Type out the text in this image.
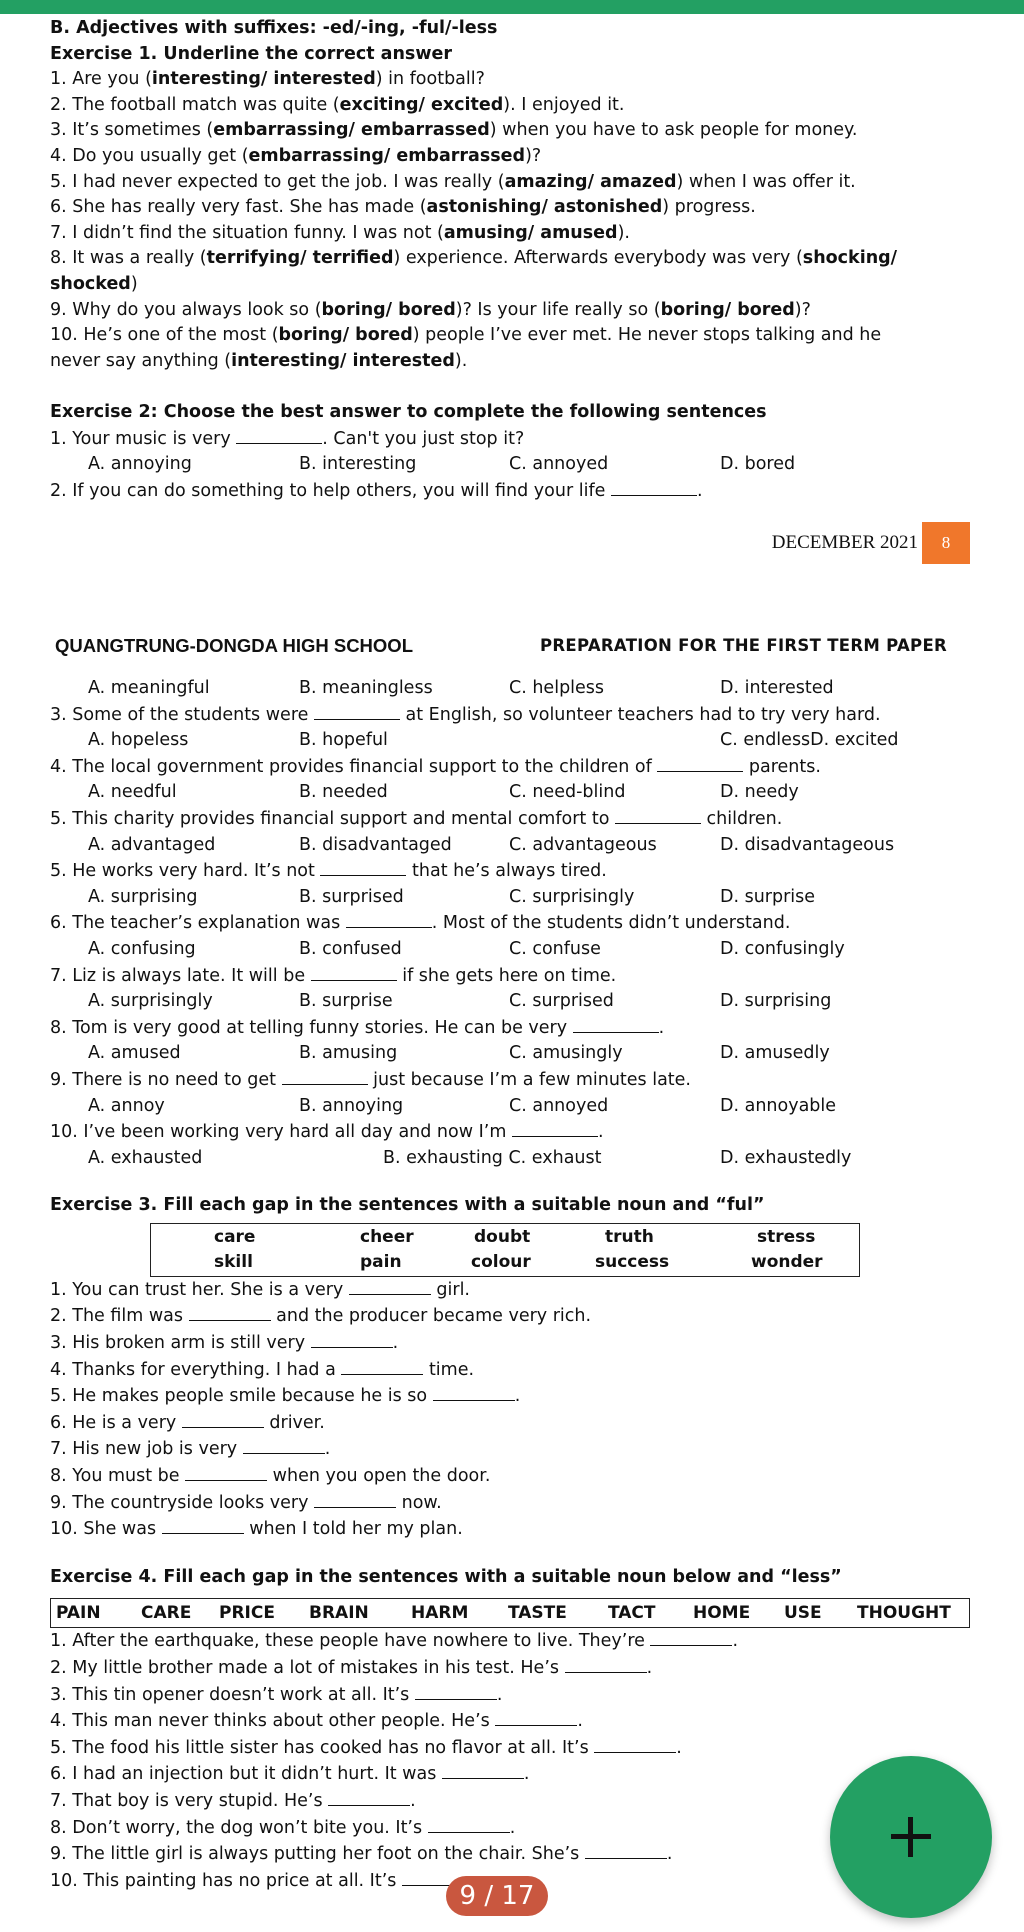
B. Adjectives with suffixes: -ed/-ing, -ful/-less
Exercise 1. Underline the correct answer
1. Are you (interesting/ interested) in football?
2. The football match was quite (exciting/ excited). I enjoyed it.
3. It’s sometimes (embarrassing/ embarrassed) when you have to ask people for money.
4. Do you usually get (embarrassing/ embarrassed)?
5. I had never expected to get the job. I was really (amazing/ amazed) when I was offer it.
6. She has really very fast. She has made (astonishing/ astonished) progress.
7. I didn’t find the situation funny. I was not (amusing/ amused).
8. It was a really (terrifying/ terrified) experience. Afterwards everybody was very (shocking/
shocked)
9. Why do you always look so (boring/ bored)? Is your life really so (boring/ bored)?
10. He’s one of the most (boring/ bored) people I’ve ever met. He never stops talking and he
never say anything (interesting/ interested).
Exercise 2: Choose the best answer to complete the following sentences
1. Your music is very	. Can't you just stop it?
A. annoying	B. interesting	C. annoyed	D. bored
2. If you can do something to help others, you will find your life	.
DECEMBER 2021	8
QUANGTRUNG-DONGDA HIGH SCHOOL	PREPARATION FOR THE FIRST TERM PAPER
A. meaningful	B. meaningless	C. helpless	D. interested
3. Some of the students were	at English, so volunteer teachers had to try very hard.
A. hopeless	B. hopeful	C. endlessD. excited
4. The local government provides financial support to the children of	parents.
A. needful	B. needed	C. need-blind	D. needy
5. This charity provides financial support and mental comfort to	children.
A. advantaged	B. disadvantaged	C. advantageous	D. disadvantageous
5. He works very hard. It’s not	that he’s always tired.
A. surprising	B. surprised	C. surprisingly	D. surprise
6. The teacher’s explanation was	. Most of the students didn’t understand.
A. confusing	B. confused	C. confuse	D. confusingly
7. Liz is always late. It will be	if she gets here on time.
A. surprisingly	B. surprise	C. surprised	D. surprising
8. Tom is very good at telling funny stories. He can be very	.
A. amused	B. amusing	C. amusingly	D. amusedly
9. There is no need to get	just because I’m a few minutes late.
A. annoy	B. annoying	C. annoyed	D. annoyable
10. I’ve been working very hard all day and now I’m	.
A. exhausted	B. exhausting C. exhaust	D. exhaustedly
Exercise 3. Fill each gap in the sentences with a suitable noun and “ful”
care	cheer	doubt	truth	stress
skill	pain	colour	success	wonder
1. You can trust her. She is a very	girl.
2. The film was	and the producer became very rich.
3. His broken arm is still very	.
4. Thanks for everything. I had a	time.
5. He makes people smile because he is so	.
6. He is a very	driver.
7. His new job is very	.
8. You must be	when you open the door.
9. The countryside looks very	now.
10. She was	when I told her my plan.
Exercise 4. Fill each gap in the sentences with a suitable noun below and “less”
PAIN CARE PRICE BRAIN HARM TASTE TACT HOME USE THOUGHT
1. After the earthquake, these people have nowhere to live. They’re	.
2. My little brother made a lot of mistakes in his test. He’s	.
3. This tin opener doesn’t work at all. It’s	.
4. This man never thinks about other people. He’s	.
5. The food his little sister has cooked has no flavor at all. It’s	.
6. I had an injection but it didn’t hurt. It was	.
7. That boy is very stupid. He’s	.
8. Don’t worry, the dog won’t bite you. It’s	.
9. The little girl is always putting her foot on the chair. She’s	.
10. This painting has no price at all. It’s
9 / 17
